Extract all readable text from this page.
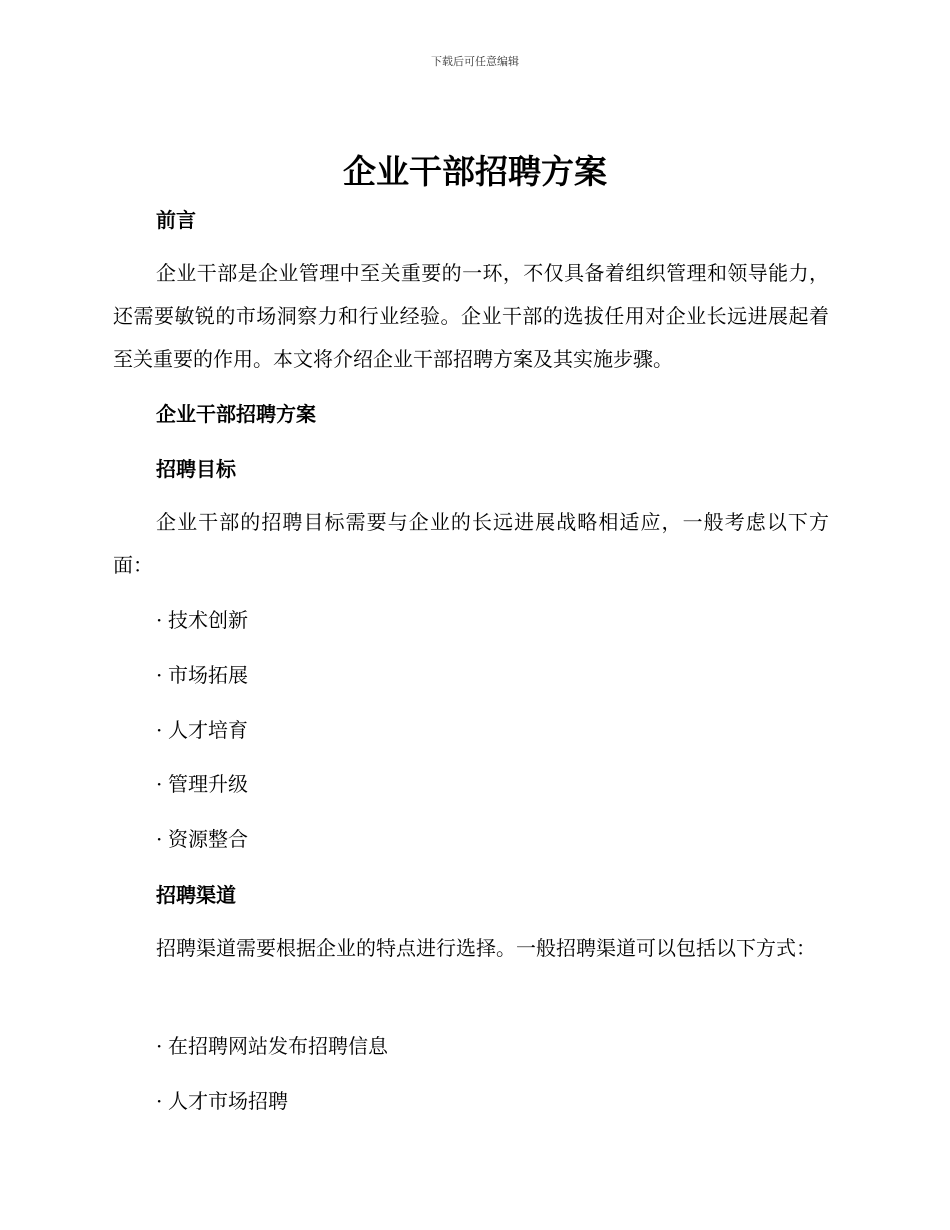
下载后可任意编辑
企业干部招聘方案
前言

企业干部是企业管理中至关重要的一环，不仅具备着组织管理和领导能力，还需要敏锐的市场洞察力和行业经验。企业干部的选拔任用对企业长远进展起着至关重要的作用。本文将介绍企业干部招聘方案及其实施步骤。

企业干部招聘方案
招聘目标

企业干部的招聘目标需要与企业的长远进展战略相适应，一般考虑以下方面：

· 技术创新
· 市场拓展
· 人才培育
· 管理升级
· 资源整合
招聘渠道

招聘渠道需要根据企业的特点进行选择。一般招聘渠道可以包括以下方式：

· 在招聘网站发布招聘信息
· 人才市场招聘
